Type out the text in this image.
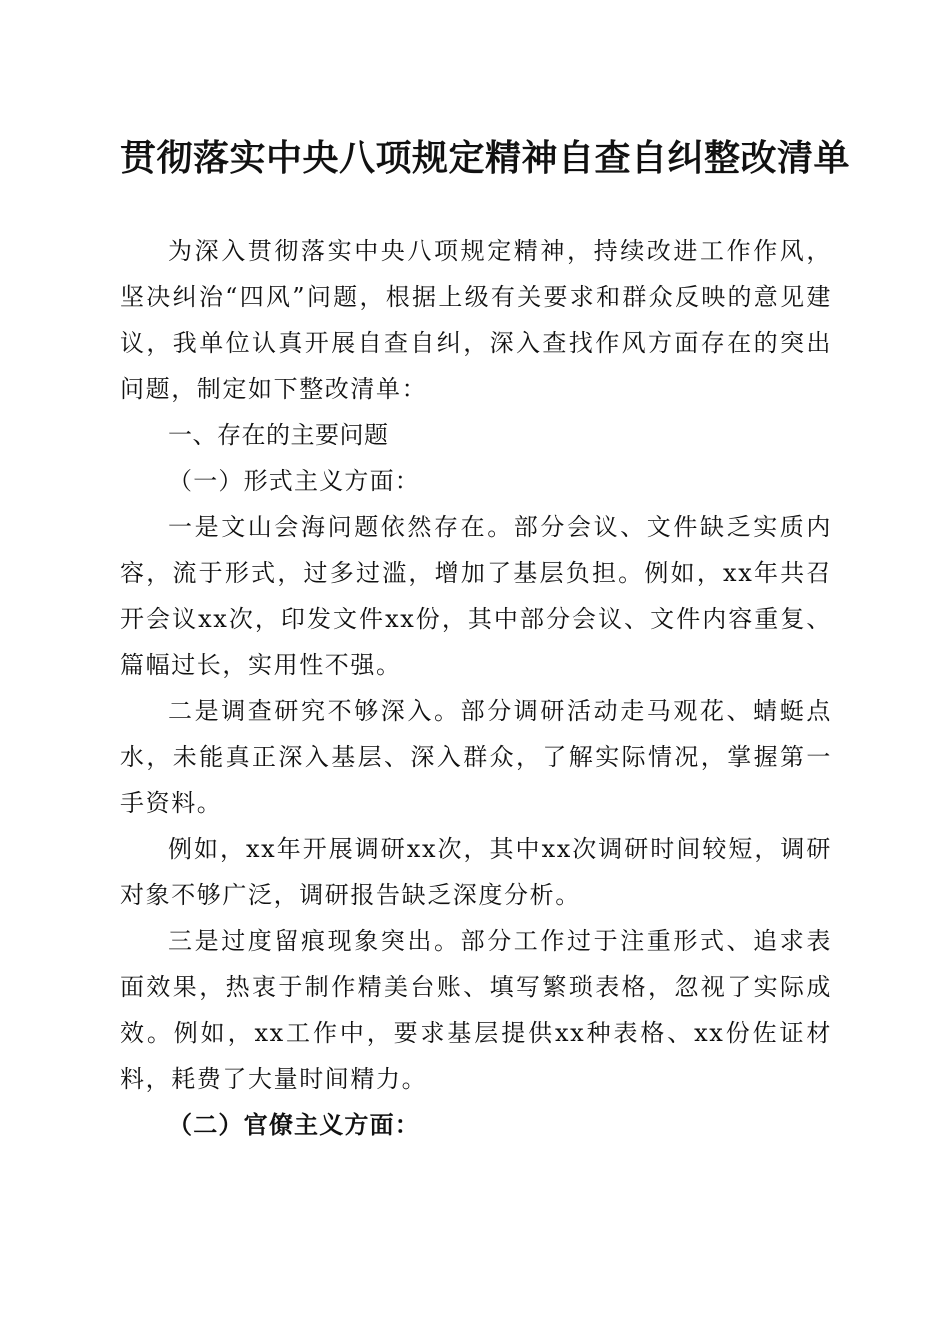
贯彻落实中央八项规定精神自查自纠整改清单

为深入贯彻落实中央八项规定精神，持续改进工作作风，坚决纠治“四风”问题，根据上级有关要求和群众反映的意见建议，我单位认真开展自查自纠，深入查找作风方面存在的突出问题，制定如下整改清单：

一、存在的主要问题

（一）形式主义方面：

一是文山会海问题依然存在。部分会议、文件缺乏实质内容，流于形式，过多过滥，增加了基层负担。例如，xx年共召开会议xx次，印发文件xx份，其中部分会议、文件内容重复、篇幅过长，实用性不强。

二是调查研究不够深入。部分调研活动走马观花、蜻蜓点水，未能真正深入基层、深入群众，了解实际情况，掌握第一手资料。

例如，xx年开展调研xx次，其中xx次调研时间较短，调研对象不够广泛，调研报告缺乏深度分析。

三是过度留痕现象突出。部分工作过于注重形式、追求表面效果，热衷于制作精美台账、填写繁琐表格，忽视了实际成效。例如，xx工作中，要求基层提供xx种表格、xx份佐证材料，耗费了大量时间精力。

（二）官僚主义方面：
